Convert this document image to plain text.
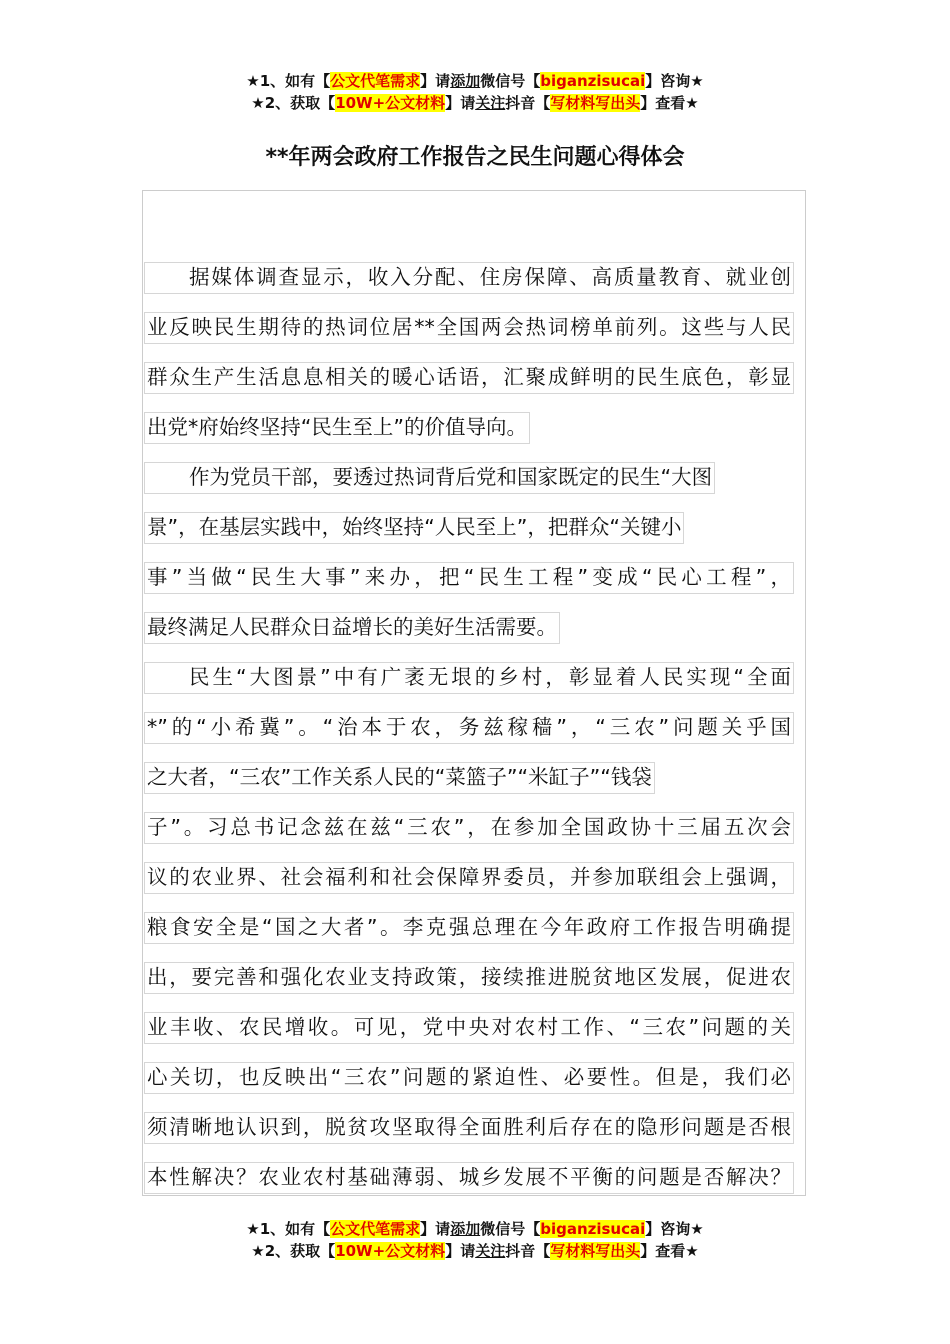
★1、如有【公文代笔需求】请添加微信号【biganzisucai】咨询★
★2、获取【10W+公文材料】请关注抖音【写材料写出头】查看★
**年两会政府工作报告之民生问题心得体会
据媒体调查显示，收入分配、住房保障、高质量教育、就业创
业反映民生期待的热词位居**全国两会热词榜单前列。这些与人民
群众生产生活息息相关的暖心话语，汇聚成鲜明的民生底色，彰显
出党*府始终坚持“民生至上”的价值导向。
作为党员干部，要透过热词背后党和国家既定的民生“大图
景”，在基层实践中，始终坚持“人民至上”，把群众“关键小
事”当做“民生大事”来办，把“民生工程”变成“民心工程”，
最终满足人民群众日益增长的美好生活需要。
民生“大图景”中有广袤无垠的乡村，彰显着人民实现“全面
*”的“小希冀”。“治本于农，务兹稼穑”，“三农”问题关乎国
之大者，“三农”工作关系人民的“菜篮子”“米缸子”“钱袋
子”。习总书记念兹在兹“三农”，在参加全国政协十三届五次会
议的农业界、社会福利和社会保障界委员，并参加联组会上强调，
粮食安全是“国之大者”。李克强总理在今年政府工作报告明确提
出，要完善和强化农业支持政策，接续推进脱贫地区发展，促进农
业丰收、农民增收。可见，党中央对农村工作、“三农”问题的关
心关切，也反映出“三农”问题的紧迫性、必要性。但是，我们必
须清晰地认识到，脱贫攻坚取得全面胜利后存在的隐形问题是否根
本性解决？农业农村基础薄弱、城乡发展不平衡的问题是否解决？
★1、如有【公文代笔需求】请添加微信号【biganzisucai】咨询★
★2、获取【10W+公文材料】请关注抖音【写材料写出头】查看★
